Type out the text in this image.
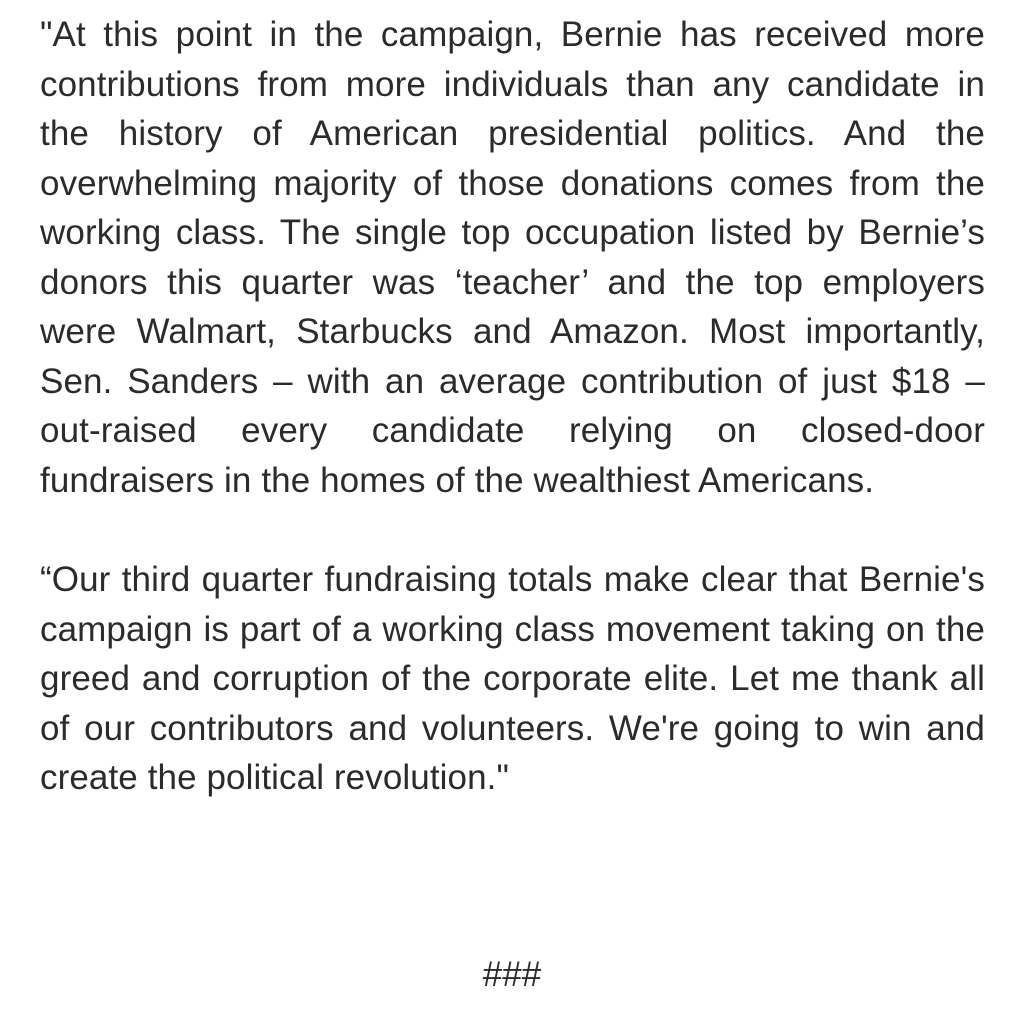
"At this point in the campaign, Bernie has received more contributions from more individuals than any candidate in the history of American presidential politics. And the overwhelming majority of those donations comes from the working class. The single top occupation listed by Bernie’s donors this quarter was ‘teacher’ and the top employers were Walmart, Starbucks and Amazon. Most importantly, Sen. Sanders – with an average contribution of just $18 – out-raised every candidate relying on closed-door fundraisers in the homes of the wealthiest Americans.

“Our third quarter fundraising totals make clear that Bernie's campaign is part of a working class movement taking on the greed and corruption of the corporate elite. Let me thank all of our contributors and volunteers. We're going to win and create the political revolution."

###
